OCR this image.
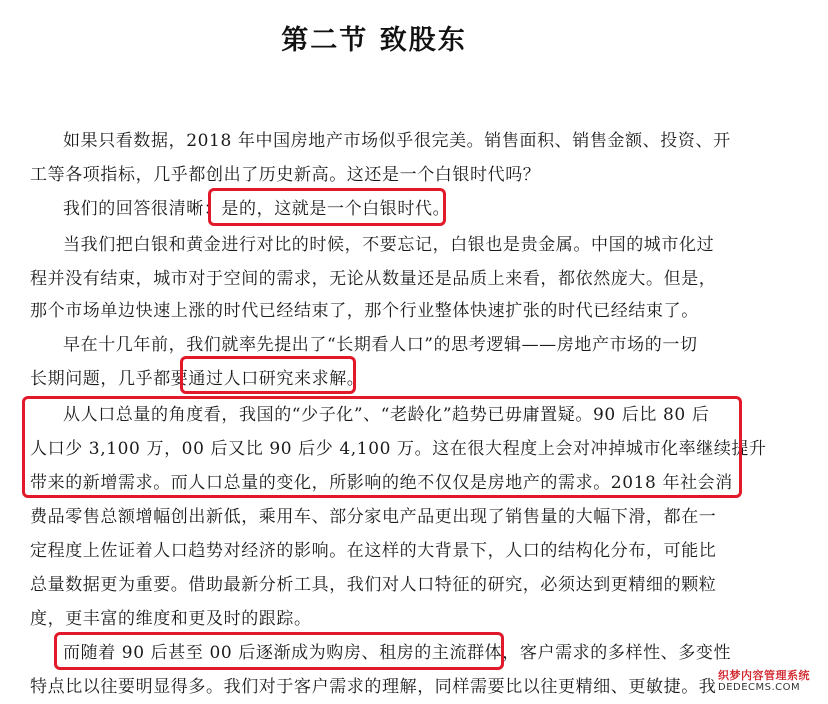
第二节 致股东
如果只看数据，2018 年中国房地产市场似乎很完美。销售面积、销售金额、投资、开
工等各项指标，几乎都创出了历史新高。这还是一个白银时代吗？
我们的回答很清晰：是的，这就是一个白银时代。
当我们把白银和黄金进行对比的时候，不要忘记，白银也是贵金属。中国的城市化过
程并没有结束，城市对于空间的需求，无论从数量还是品质上来看，都依然庞大。但是，
那个市场单边快速上涨的时代已经结束了，那个行业整体快速扩张的时代已经结束了。
早在十几年前，我们就率先提出了“长期看人口”的思考逻辑——房地产市场的一切
长期问题，几乎都要通过人口研究来求解。
从人口总量的角度看，我国的“少子化”、“老龄化”趋势已毋庸置疑。90 后比 80 后
人口少 3,100 万，00 后又比 90 后少 4,100 万。这在很大程度上会对冲掉城市化率继续提升
带来的新增需求。而人口总量的变化，所影响的绝不仅仅是房地产的需求。2018 年社会消
费品零售总额增幅创出新低，乘用车、部分家电产品更出现了销售量的大幅下滑，都在一
定程度上佐证着人口趋势对经济的影响。在这样的大背景下，人口的结构化分布，可能比
总量数据更为重要。借助最新分析工具，我们对人口特征的研究，必须达到更精细的颗粒
度，更丰富的维度和更及时的跟踪。
而随着 90 后甚至 00 后逐渐成为购房、租房的主流群体，客户需求的多样性、多变性
特点比以往要明显得多。我们对于客户需求的理解，同样需要比以往更精细、更敏捷。我
织梦内容管理系统
DEDECMS.COM
